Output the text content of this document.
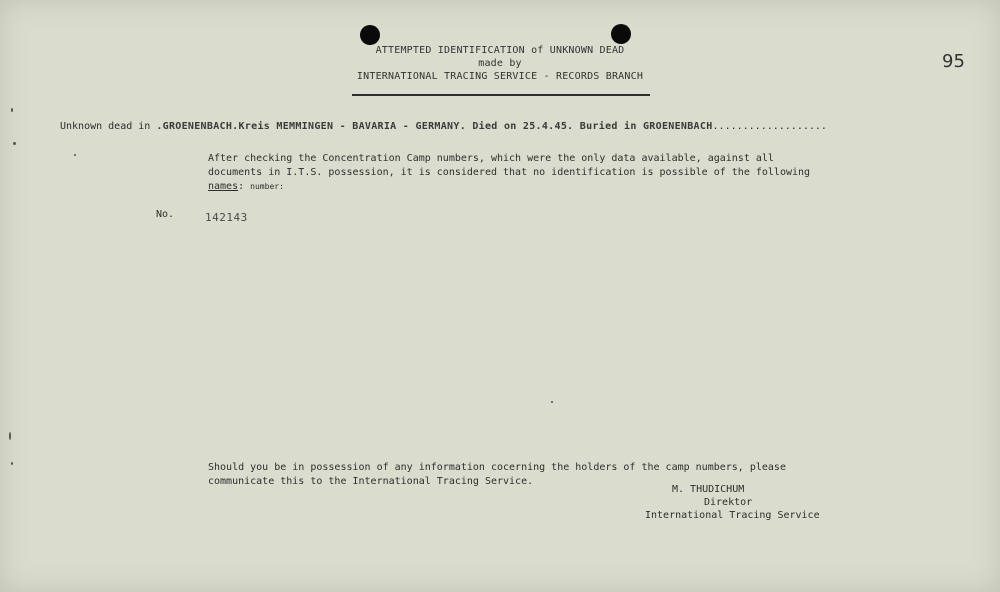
ATTEMPTED IDENTIFICATION of UNKNOWN DEAD
made by
INTERNATIONAL TRACING SERVICE - RECORDS BRANCH
95
Unknown dead in .GROENENBACH.Kreis MEMMINGEN - BAVARIA - GERMANY. Died on 25.4.45. Buried in GROENENBACH...................
After checking the Concentration Camp numbers, which were the only data available, against all documents in I.T.S. possession, it is considered that no identification is possible of the following names: number:
No.	142143
Should you be in possession of any information cocerning the holders of the camp numbers, please communicate this to the International Tracing Service.
M. THUDICHUM
Direktor
International Tracing Service
